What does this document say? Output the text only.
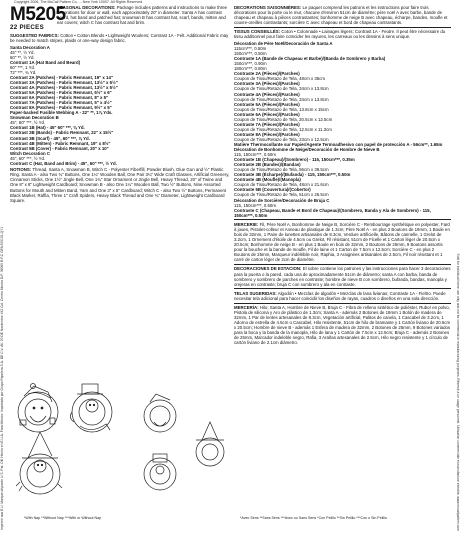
Copyright 2006, The McCall Pattern Co. ... New York 10007. All Rights Reserved.
Imprimé aux E.U. Marque déposée U.S. Pat. Off. Hecho en E.U.A. Para México: Importado por Grupo Papelera S.A. DE C.V. AV. 20 DE Noviembre #42 Col. Centro Mexico D.F. 06060 R.F.C GPA 920101-QY1	Sold for individual home use only and not for commercial or manufacturing purposes. Réservé à un usage personnel. Utilisation commerciale et manufacture interdite. www.mccallpattern.com
M5205
22 PIECES
SEASONAL DECORATIONS: Package includes patterns and instructions to make three decorations for door or wall, each approximately 20" in diameter. Santa A has contrast beard, hat band and patched hat; snowman B has contrast hat, scarf, bands, mitten and ear covers; witch C has contrast hat and brim.

SUGGESTED FABRICS: Cotton • Cotton Blends • Lightweight Woolens; Contrast 1A - Felt. Additional Fabric may be needed to match stripes, plaids or one-way design fabric.

Santa Decoration A
45" **, ½ Yd.
60" **, ½ Yd.
Contrast 1A (Hat Band and Beard)
60" ***, 1 Yd.
72" ***, ¾ Yd.
Contrast 2A (Patches) - Fabric Remnant, 19" x 14"
Contrast 3A (Patches) - Fabric Remnant, 13½" x 5½"
Contrast 4A (Patches) - Fabric Remnant, 13½" x 5½"
Contrast 5A (Patches) - Fabric Remnant, 5½" x 6"
Contrast 6A (Patches) - Fabric Remnant, 8" x 5"
Contrast 7A (Patches) - Fabric Remnant, 5" x 4½"
Contrast 8A (Patches) - Fabric Remnant, 9½" x 5"
Paper-backed Fusible Webbing A - 22" **, 1⅞ Yds.
Snowman Decoration B
45", 60" ***, ½ Yd.
Contrast 1B (Hat) - 45" 60" ***, ⅜ Yd.
Contrast 2B (Bands) - Fabric Remnant, 22" x 15½"
Contrast 3B (Scarf) - 45", 60" ***, ⅞ Yd.
Contrast 4B (Mitten) - Fabric Remnant, 19" x 8½"
Contrast 5B (Cover) - Fabric Remnant, 20" x 10"
Witch Decoration C
45", 60" ***, ½ Yd.
Contrast C (Hat, Band and Brim) - 45", 60" ***, ½ Yd.

NOTIONS: Thread, Santa A, Snowman B, Witch C - Polyester Fiberfill, Powder Blush, Glue Gun and ½" Plastic Ring. Santa A - also Two ¾" Buttons, One 1¼" Wooden Ball, One Pair 3¼" Wide Craft Glasses, Artificial Greenery, Cinnamon Sticks, One 1½" Jingle Bell, One 1¾" Star Ornament or Jingle Bell, Heavy Thread, 20" of Twine and One 8" x 8" Lightweight Cardboard; Snowman B - also One 1¼" Wooden Ball, Two ½" Buttons, Nine Assorted Buttons for Mouth and Mitten Band, Yarn and One 3" x 5" Cardboard; Witch C - also Two ½" Buttons, Permanent Black Marker, Raffia, Three 1" Craft Spiders, Heavy Black Thread and One ¾" Diameter, Lightweight Cardboard Square.

*With Nap **Without Nap ***With or Without Nap

DECORATIONS SAISONNIÈRES: Le paquet comprend les patrons et les instructions pour faire trois décorations pour la porte ou le mur, chacune d'environ 51cm de diamètre; père noël A avec barbe, bande de chapeau et chapeau à pièces contrastantes; bonhomme de neige B avec chapeau, écharpe, bandes, moufle et couvre-oreilles contrastants; sorcière C avec chapeau et bord de chapeau contrastants.

TISSUS CONSEILLÉS: Coton • Colonnade • Lainages légers; Contrast 1A - Feutre. Il peut être nécessaire du tissu additionnel pour faire coïncider les rayures, les carreaux ou les dessins à sens unique.

Décoration de Père Noël/Decoración de Santa A
115cm***, 0.50m
150cm***, 0.50m
Contraste 1A (Bande de Chapeau et Barbe)/(Banda de Sombrero y Barba)
150cm***, 0.90m
180cm***, 0.80m
Contraste 2A (Pièces)/(Parches)
Coupon de Tissu/Retazo de Tela, 48cm x 35cm
Contraste 3A (Pièces)/(Parches)
Coupon de Tissu/Retazo de Tela, 34cm x 13.8cm
Contraste 4A (Pièces)/(Parches)
Coupon de Tissu/Retazo de Tela, 34cm x 13.8cm
Contraste 5A (Pièces)/(Parches)
Coupon de Tissu/Retazo de Tela, 13.8cm x 15cm
Contraste 6A (Pièces)/(Parches)
Coupon de Tissu/Retazo de Tela, 20.5cm x 12.5cm
Contraste 7A (Pièces)/(Parches)
Coupon de Tissu/Retazo de Tela, 12.5cm x 11.3cm
Contraste 8A (Pièces)/(Parches)
Coupon de Tissu/Retazo de Tela, 23cm x 12.5cm
Matière Thermocollante sur Papier/Agente Termoadhesivo con papel de protección A - 56cm**, 1.65m
Décoration de Bonhomme de Neige/Decoración de Hombre de Nieve B
115, 150cm***, 0.50m
Contraste 1B (Chapeau)/(Sombrero) - 115, 150cm***, 0.35m
Contraste 2B (Bandes)/(Bandas)
Coupon de Tissu/Retazo de Tela, 56cm x 39.5cm
Contraste 3B (Écharpe)/(Bufanda) - 115, 150cm***, 0.50m
Contraste 4B (Moufle)/(Manopla)
Coupon de Tissu/Retazo de Tela, 48cm x 21.6cm
Contraste 5B (Couvertura)/(Cobertor)
Coupon de Tissu/Retazo de Tela, 51cm x 25.5cm
Décoration de Sorcière/Decoración de Bruja C
115, 150cm***, 0.50m
Contraste C (Chapeau, Bande et Bord de Chapeau)/(Sombrero, Banda y Ala de Sombrero) - 115, 150cm***, 0.50m

MERCERIE: Fil, Père Noël A, Bonhomme de Neige B, Sorcière C - Rembourrage synthétique en polyester, Fard à joues, Pistolet-colleur et Anneau de plastique de 1.3cm; Père Noël A - en plus 2 Boutons de 19mm, 1 Boule en bois de 32mm, 1 Paire de lunettes artisanales de 8.3cm, Verdure artificielle, Bâtons de cannelle, 1 Grelot de 3.2cm, 1 Ornement d'étoile de 4.5cm ou Grelot, Fil résistant, 51cm de Ficelle et 1 Carton léger de 20.5cm x 20.5cm; Bonhomme de neige B - en plus 1 Boule en bois de 32mm, 2 Boutons de 25mm, 9 Boutons assortis pour la bouche et la bande de moufle, Fil de laine et 1 Carton de 7.5cm x 12.5cm; Sorcière C - en plus 2 Boutons de 25mm, Marqueur indélébile noir, Raphia, 3 Araignées artisanales de 2.5cm, Fil noir résistant et 1 carré de carton léger de 2cm de diamètre.

DECORACIONES DE ESTACION: El sobre contiene los patrones y las instrucciones para hacer 3 decoraciones para la puerta o la pared, cada una de aproximadamente 51cm de diámetro; santa A con barba, banda de sombrero y sombrero de parches en contraste; hombre de nieve B con sombrero, bufanda, bandas, manopla y orejeras en contraste; bruja C con sombrero y ala en contraste.

TELAS SUGERIDAS: Algodón • Mezclas de algodón • Mezclas de lana livianas; Contraste 1A - Fieltro. Puede necesitar tela adicional para hacer coincidir los diseños de rayas, cuadros o diseños en una sola dirección.

MERCERÍA: Hilo; Santa A, Hombre de Nieve B, Bruja C - Fibra de relleno sintético de poliéster, Rubor en polvo, Pistola de silicona y Aro de plástico de 1.3cm; Santa A - además 2 Botones de 19mm 1 Bolón de madera de 32mm, 1 Par de lentes artesanales de 8.3cm, Vegetación artificial, Palitos de canela, 1 Cascabel de 3.2cm, 1 Adorno de estrella de 4.5cm o Cascabel, Hilo resistente, 51cm de hilo de bramante y 1 Cartón liviano de 20.5cm x 20.5cm; Hombre de nieve B - además 1 Esfera de madera de 32mm, 2 Botones de 25mm, 9 Botones variados para la boca y la banda de la manopla, Hilo de lana y 1 Cartón de 7.5cm x 12.5cm; Bruja C - además 2 Botones de 25mm, Marcador indeleble negro, Rafia, 3 Arañas artesanales de 2.5cm, Hilo negro resistente y 1 círculo de cartón liviano de 2.1cm diámetro.

*Avec Sens **Sans Sens ***Avec ou Sans Sens *Con Pelillo **Sin Pelillo ***Con o Sin Pelillo
